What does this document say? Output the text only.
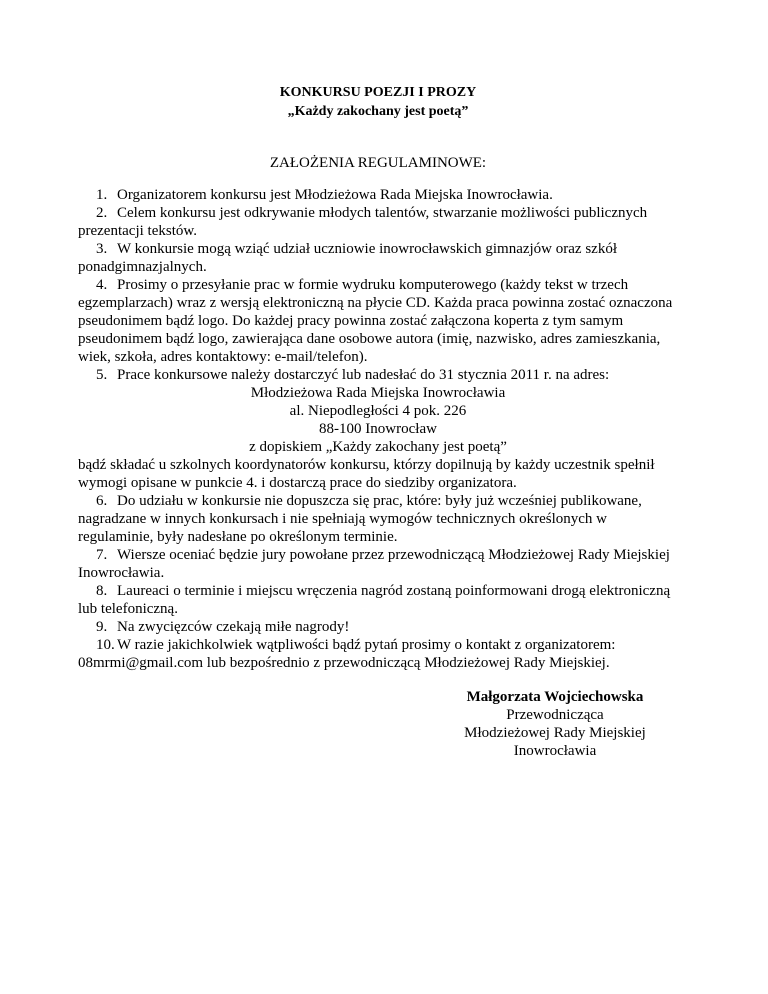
KONKURSU POEZJI I PROZY

„Każdy zakochany jest poetą”

ZAŁOŻENIA REGULAMINOWE:

1. Organizatorem konkursu jest Młodzieżowa Rada Miejska Inowrocławia.

2. Celem konkursu jest odkrywanie młodych talentów, stwarzanie możliwości publicznych prezentacji tekstów.

3. W konkursie mogą wziąć udział uczniowie inowrocławskich gimnazjów oraz szkół ponadgimnazjalnych.

4. Prosimy o przesyłanie prac w formie wydruku komputerowego (każdy tekst w trzech egzemplarzach) wraz z wersją elektroniczną na płycie CD. Każda praca powinna zostać oznaczona pseudonimem bądź logo. Do każdej pracy powinna zostać załączona koperta z tym samym pseudonimem bądź logo, zawierająca dane osobowe autora (imię, nazwisko, adres zamieszkania, wiek, szkoła, adres kontaktowy: e-mail/telefon).

5. Prace konkursowe należy dostarczyć lub nadesłać do 31 stycznia 2011 r. na adres:

Młodzieżowa Rada Miejska Inowrocławia

al. Niepodległości 4 pok. 226

88-100 Inowrocław

z dopiskiem „Każdy zakochany jest poetą”

bądź składać u szkolnych koordynatorów konkursu, którzy dopilnują by każdy uczestnik spełnił wymogi opisane w punkcie 4. i dostarczą prace do siedziby organizatora.

6. Do udziału w konkursie nie dopuszcza się prac, które: były już wcześniej publikowane, nagradzane w innych konkursach i nie spełniają wymogów technicznych określonych w regulaminie, były nadesłane po określonym terminie.

7. Wiersze oceniać będzie jury powołane przez przewodniczącą Młodzieżowej Rady Miejskiej Inowrocławia.

8. Laureaci o terminie i miejscu wręczenia nagród zostaną poinformowani drogą elektroniczną lub telefoniczną.

9. Na zwycięzców czekają miłe nagrody!

10. W razie jakichkolwiek wątpliwości bądź pytań prosimy o kontakt z organizatorem: 08mrmi@gmail.com lub bezpośrednio z przewodniczącą Młodzieżowej Rady Miejskiej.

Małgorzata Wojciechowska
Przewodnicząca
Młodzieżowej Rady Miejskiej
Inowrocławia
